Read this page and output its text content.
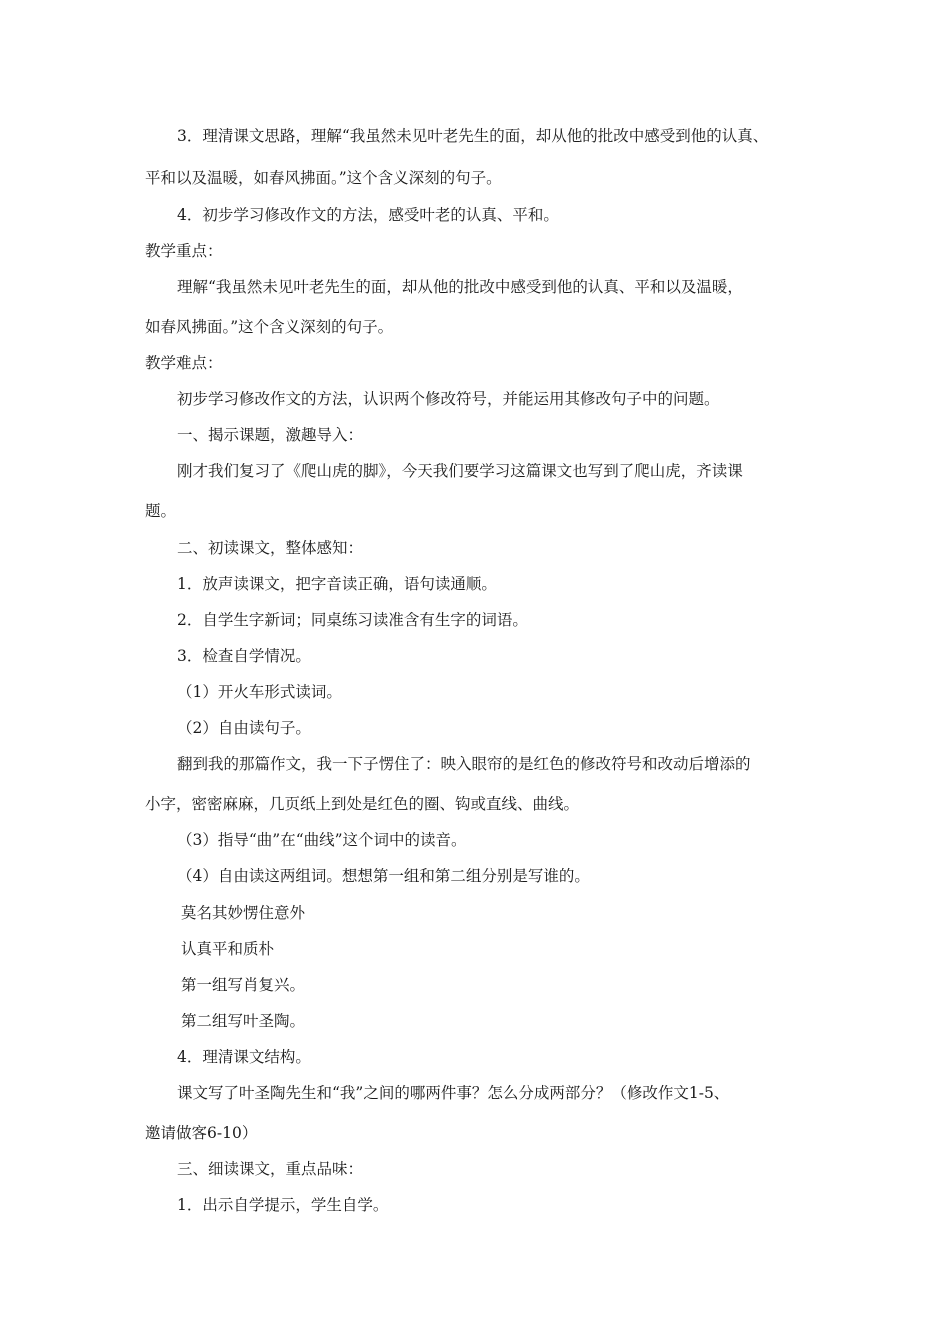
3．理清课文思路，理解“我虽然未见叶老先生的面，却从他的批改中感受到他的认真、
平和以及温暖，如春风拂面。”这个含义深刻的句子。
4．初步学习修改作文的方法，感受叶老的认真、平和。
教学重点：
理解“我虽然未见叶老先生的面，却从他的批改中感受到他的认真、平和以及温暖，
如春风拂面。”这个含义深刻的句子。
教学难点：
初步学习修改作文的方法，认识两个修改符号，并能运用其修改句子中的问题。
一、揭示课题，激趣导入：
刚才我们复习了《爬山虎的脚》，今天我们要学习这篇课文也写到了爬山虎，齐读课
题。
二、初读课文，整体感知：
1．放声读课文，把字音读正确，语句读通顺。
2．自学生字新词；同桌练习读准含有生字的词语。
3．检查自学情况。
（1）开火车形式读词。
（2）自由读句子。
翻到我的那篇作文，我一下子愣住了：映入眼帘的是红色的修改符号和改动后增添的
小字，密密麻麻，几页纸上到处是红色的圈、钩或直线、曲线。
（3）指导“曲”在“曲线”这个词中的读音。
（4）自由读这两组词。想想第一组和第二组分别是写谁的。
莫名其妙愣住意外
认真平和质朴
第一组写肖复兴。
第二组写叶圣陶。
4．理清课文结构。
课文写了叶圣陶先生和“我”之间的哪两件事？怎么分成两部分？（修改作文1-5、
邀请做客6-10）
三、细读课文，重点品味：
1．出示自学提示，学生自学。
